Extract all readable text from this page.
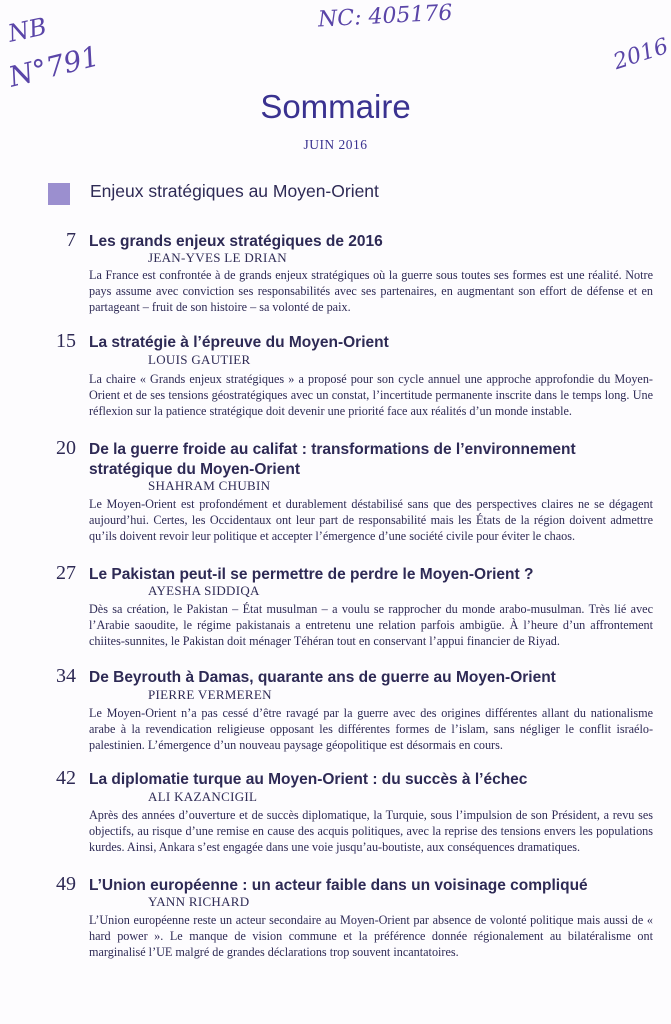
NB
N°791
NC: 405176
2016
Sommaire
JUIN 2016
Enjeux stratégiques au Moyen-Orient
7 Les grands enjeux stratégiques de 2016
JEAN-YVES LE DRIAN
La France est confrontée à de grands enjeux stratégiques où la guerre sous toutes ses formes est une réalité. Notre pays assume avec conviction ses responsabilités avec ses partenaires, en augmentant son effort de défense et en partageant – fruit de son histoire – sa volonté de paix.
15 La stratégie à l’épreuve du Moyen-Orient
LOUIS GAUTIER
La chaire « Grands enjeux stratégiques » a proposé pour son cycle annuel une approche approfondie du Moyen-Orient et de ses tensions géostratégiques avec un constat, l’incertitude permanente inscrite dans le temps long. Une réflexion sur la patience stratégique doit devenir une priorité face aux réalités d’un monde instable.
20 De la guerre froide au califat : transformations de l’environnement stratégique du Moyen-Orient
SHAHRAM CHUBIN
Le Moyen-Orient est profondément et durablement déstabilisé sans que des perspectives claires ne se dégagent aujourd’hui. Certes, les Occidentaux ont leur part de responsabilité mais les États de la région doivent admettre qu’ils doivent revoir leur politique et accepter l’émergence d’une société civile pour éviter le chaos.
27 Le Pakistan peut-il se permettre de perdre le Moyen-Orient ?
AYESHA SIDDIQA
Dès sa création, le Pakistan – État musulman – a voulu se rapprocher du monde arabo-musulman. Très lié avec l’Arabie saoudite, le régime pakistanais a entretenu une relation parfois ambigüe. À l’heure d’un affrontement chiites-sunnites, le Pakistan doit ménager Téhéran tout en conservant l’appui financier de Riyad.
34 De Beyrouth à Damas, quarante ans de guerre au Moyen-Orient
PIERRE VERMEREN
Le Moyen-Orient n’a pas cessé d’être ravagé par la guerre avec des origines différentes allant du nationalisme arabe à la revendication religieuse opposant les différentes formes de l’islam, sans négliger le conflit israélo-palestinien. L’émergence d’un nouveau paysage géopolitique est désormais en cours.
42 La diplomatie turque au Moyen-Orient : du succès à l’échec
ALI KAZANCIGIL
Après des années d’ouverture et de succès diplomatique, la Turquie, sous l’impulsion de son Président, a revu ses objectifs, au risque d’une remise en cause des acquis politiques, avec la reprise des tensions envers les populations kurdes. Ainsi, Ankara s’est engagée dans une voie jusqu’au-boutiste, aux conséquences dramatiques.
49 L’Union européenne : un acteur faible dans un voisinage compliqué
YANN RICHARD
L’Union européenne reste un acteur secondaire au Moyen-Orient par absence de volonté politique mais aussi de « hard power ». Le manque de vision commune et la préférence donnée régionalement au bilatéralisme ont marginalisé l’UE malgré de grandes déclarations trop souvent incantatoires.
